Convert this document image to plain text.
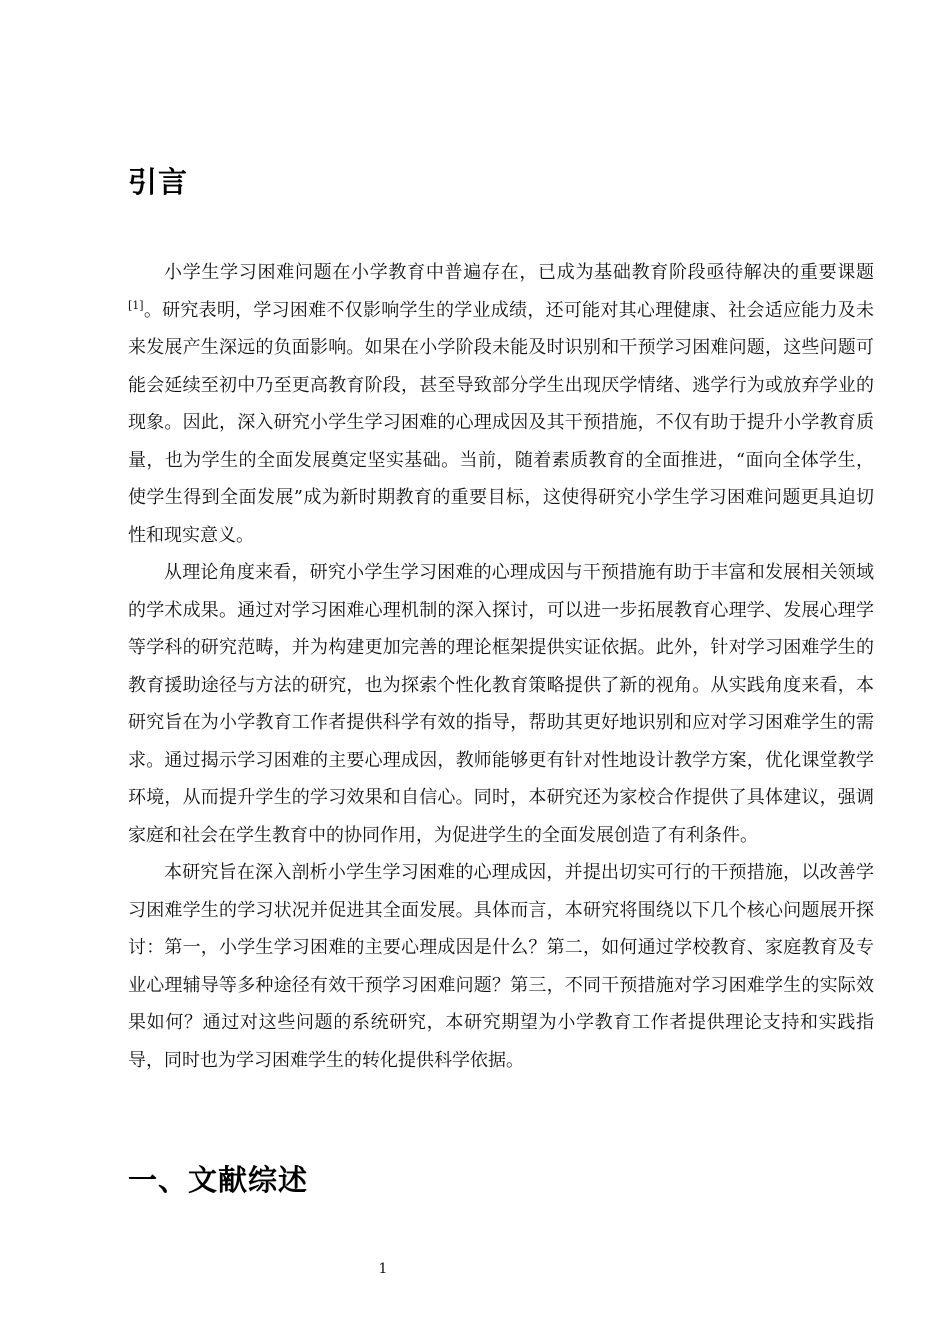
引言

小学生学习困难问题在小学教育中普遍存在，已成为基础教育阶段亟待解决的重要课题[1]。研究表明，学习困难不仅影响学生的学业成绩，还可能对其心理健康、社会适应能力及未来发展产生深远的负面影响。如果在小学阶段未能及时识别和干预学习困难问题，这些问题可能会延续至初中乃至更高教育阶段，甚至导致部分学生出现厌学情绪、逃学行为或放弃学业的现象。因此，深入研究小学生学习困难的心理成因及其干预措施，不仅有助于提升小学教育质量，也为学生的全面发展奠定坚实基础。当前，随着素质教育的全面推进，“面向全体学生，使学生得到全面发展”成为新时期教育的重要目标，这使得研究小学生学习困难问题更具迫切性和现实意义。

从理论角度来看，研究小学生学习困难的心理成因与干预措施有助于丰富和发展相关领域的学术成果。通过对学习困难心理机制的深入探讨，可以进一步拓展教育心理学、发展心理学等学科的研究范畴，并为构建更加完善的理论框架提供实证依据。此外，针对学习困难学生的教育援助途径与方法的研究，也为探索个性化教育策略提供了新的视角。从实践角度来看，本研究旨在为小学教育工作者提供科学有效的指导，帮助其更好地识别和应对学习困难学生的需求。通过揭示学习困难的主要心理成因，教师能够更有针对性地设计教学方案，优化课堂教学环境，从而提升学生的学习效果和自信心。同时，本研究还为家校合作提供了具体建议，强调家庭和社会在学生教育中的协同作用，为促进学生的全面发展创造了有利条件。

本研究旨在深入剖析小学生学习困难的心理成因，并提出切实可行的干预措施，以改善学习困难学生的学习状况并促进其全面发展。具体而言，本研究将围绕以下几个核心问题展开探讨：第一，小学生学习困难的主要心理成因是什么？第二，如何通过学校教育、家庭教育及专业心理辅导等多种途径有效干预学习困难问题？第三，不同干预措施对学习困难学生的实际效果如何？通过对这些问题的系统研究，本研究期望为小学教育工作者提供理论支持和实践指导，同时也为学习困难学生的转化提供科学依据。

一、文献综述
1
